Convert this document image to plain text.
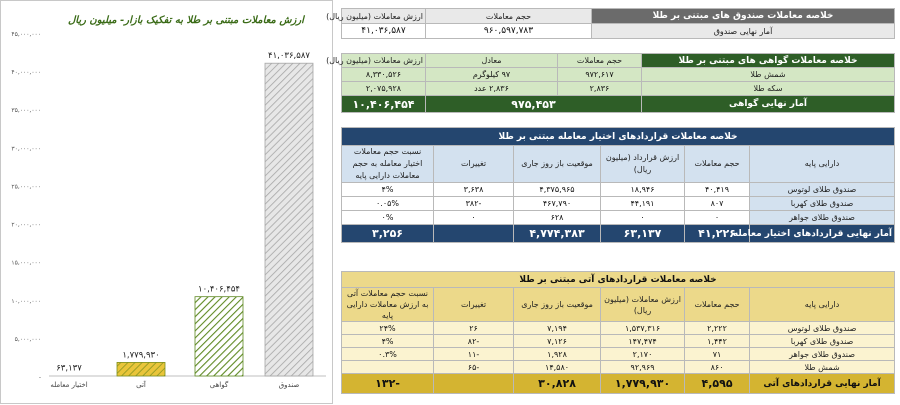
ارزش معاملات مبتنی بر طلا به تفکیک بازار- میلیون ریال
-
۵,۰۰۰,۰۰۰
۱۰,۰۰۰,۰۰۰
۱۵,۰۰۰,۰۰۰
۲۰,۰۰۰,۰۰۰
۲۵,۰۰۰,۰۰۰
۳۰,۰۰۰,۰۰۰
۳۵,۰۰۰,۰۰۰
۴۰,۰۰۰,۰۰۰
۴۵,۰۰۰,۰۰۰
۴۱,۰۳۶,۵۸۷
۱۰,۴۰۶,۴۵۴
۱,۷۷۹,۹۳۰
۶۳,۱۳۷
صندوق
گواهی
آتی
اختیار معامله
خلاصه معاملات صندوق های مبتنی بر طلا	حجم معاملات	ارزش معاملات (میلیون ریال)
آمار نهایی صندوق	۹۶۰,۵۹۷,۷۸۳	۴۱,۰۳۶,۵۸۷
خلاصه معاملات گواهی های مبتنی بر طلا	حجم معاملات	معادل	ارزش معاملات (میلیون ریال)
شمش طلا	۹۷۲,۶۱۷	۹۷ کیلوگرم	۸,۳۳۰,۵۲۶
سکه طلا	۲,۸۳۶	۲,۸۳۶ عدد	۲,۰۷۵,۹۲۸
آمار نهایی گواهی	۹۷۵,۴۵۳		۱۰,۴۰۶,۴۵۴
خلاصه معاملات قراردادهای اختیار معامله مبتنی بر طلا					
دارایی پایه	حجم معاملات	ارزش قرارداد (میلیون ریال)	موقعیت باز روز جاری	تغییرات	نسبت حجم معاملات اختیار معامله به حجم معاملات دارایی پایه
صندوق طلای لوتوس	۴۰,۴۱۹	۱۸,۹۴۶	۴,۳۷۵,۹۶۵	۳,۶۳۸	۴%
صندوق طلای کهربا	۸۰۷	۴۴,۱۹۱	۴۶۷,۷۹۰	-۳۸۲	۰.۰۵%
صندوق طلای جواهر	۰	۰	۶۲۸	۰	۰%
آمار نهایی قراردادهای اختیار معامله	۴۱,۲۲۶	۶۳,۱۳۷	۴,۷۷۴,۳۸۳		۳,۲۵۶
خلاصه معاملات قراردادهای آتی مبتنی بر طلا					
دارایی پایه	حجم معاملات	ارزش معاملات (میلیون ریال)	موقعیت باز روز جاری	تغییرات	نسبت حجم معاملات آتی به ارزش معاملات دارایی پایه
صندوق طلای لوتوس	۲,۲۲۲	۱,۵۳۷,۳۱۶	۷,۱۹۴	۲۶	۲۴%
صندوق طلای کهربا	۱,۴۴۲	۱۴۷,۴۷۴	۷,۱۲۶	-۸۲	۴%
صندوق طلای جواهر	۷۱	۲,۱۷۰	۱,۹۲۸	-۱۱	۰.۳%
شمش طلا	۸۶۰	۹۲,۹۶۹	۱۴,۵۸۰	-۶۵	
آمار نهایی قراردادهای آتی	۴,۵۹۵	۱,۷۷۹,۹۳۰	۳۰,۸۲۸		-۱۳۲
